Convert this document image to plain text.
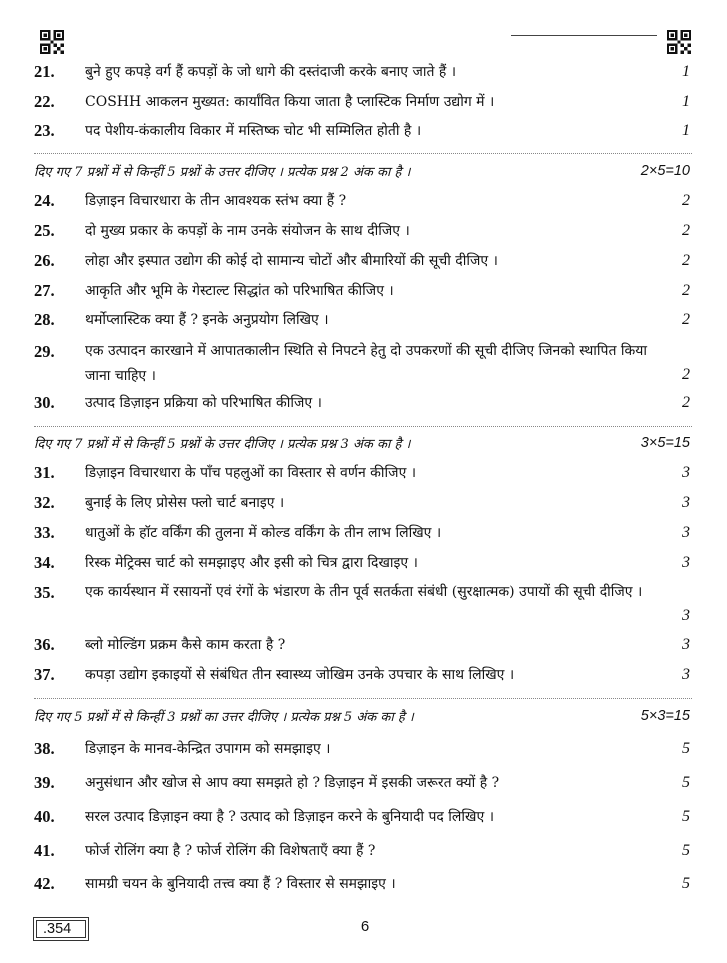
21. बुने हुए कपड़े वर्ग हैं कपड़ों के जो धागे की दस्तंदाजी करके बनाए जाते हैं ।	1
22. COSHH आकलन मुख्यत: कार्यांवित किया जाता है प्लास्टिक निर्माण उद्योग में ।	1
23. पद पेशीय-कंकालीय विकार में मस्तिष्क चोट भी सम्मिलित होती है ।	1
दिए गए 7 प्रश्नों में से किन्हीं 5 प्रश्नों के उत्तर दीजिए । प्रत्येक प्रश्न 2 अंक का है ।	2×5=10
24. डिज़ाइन विचारधारा के तीन आवश्यक स्तंभ क्या हैं ?	2
25. दो मुख्य प्रकार के कपड़ों के नाम उनके संयोजन के साथ दीजिए ।	2
26. लोहा और इस्पात उद्योग की कोई दो सामान्य चोटों और बीमारियों की सूची दीजिए ।	2
27. आकृति और भूमि के गेस्टाल्ट सिद्धांत को परिभाषित कीजिए ।	2
28. थर्मोप्लास्टिक क्या हैं ? इनके अनुप्रयोग लिखिए ।	2
29. एक उत्पादन कारखाने में आपातकालीन स्थिति से निपटने हेतु दो उपकरणों की सूची दीजिए जिनको स्थापित किया जाना चाहिए ।	2
30. उत्पाद डिज़ाइन प्रक्रिया को परिभाषित कीजिए ।	2
दिए गए 7 प्रश्नों में से किन्हीं 5 प्रश्नों के उत्तर दीजिए । प्रत्येक प्रश्न 3 अंक का है ।	3×5=15
31. डिज़ाइन विचारधारा के पाँच पहलुओं का विस्तार से वर्णन कीजिए ।	3
32. बुनाई के लिए प्रोसेस फ्लो चार्ट बनाइए ।	3
33. धातुओं के हॉट वर्किंग की तुलना में कोल्ड वर्किंग के तीन लाभ लिखिए ।	3
34. रिस्क मेट्रिक्स चार्ट को समझाइए और इसी को चित्र द्वारा दिखाइए ।	3
35. एक कार्यस्थान में रसायनों एवं रंगों के भंडारण के तीन पूर्व सतर्कता संबंधी (सुरक्षात्मक) उपायों की सूची दीजिए ।
3
36. ब्लो मोल्डिंग प्रक्रम कैसे काम करता है ?	3
37. कपड़ा उद्योग इकाइयों से संबंधित तीन स्वास्थ्य जोखिम उनके उपचार के साथ लिखिए ।	3
दिए गए 5 प्रश्नों में से किन्हीं 3 प्रश्नों का उत्तर दीजिए । प्रत्येक प्रश्न 5 अंक का है ।	5×3=15
38. डिज़ाइन के मानव-केन्द्रित उपागम को समझाइए ।	5
39. अनुसंधान और खोज से आप क्या समझते हो ? डिज़ाइन में इसकी जरूरत क्यों है ?	5
40. सरल उत्पाद डिज़ाइन क्या है ? उत्पाद को डिज़ाइन करने के बुनियादी पद लिखिए ।	5
41. फोर्ज रोलिंग क्या है ? फोर्ज रोलिंग की विशेषताएँ क्या हैं ?	5
42. सामग्री चयन के बुनियादी तत्त्व क्या हैं ? विस्तार से समझाइए ।	5
.354	6
